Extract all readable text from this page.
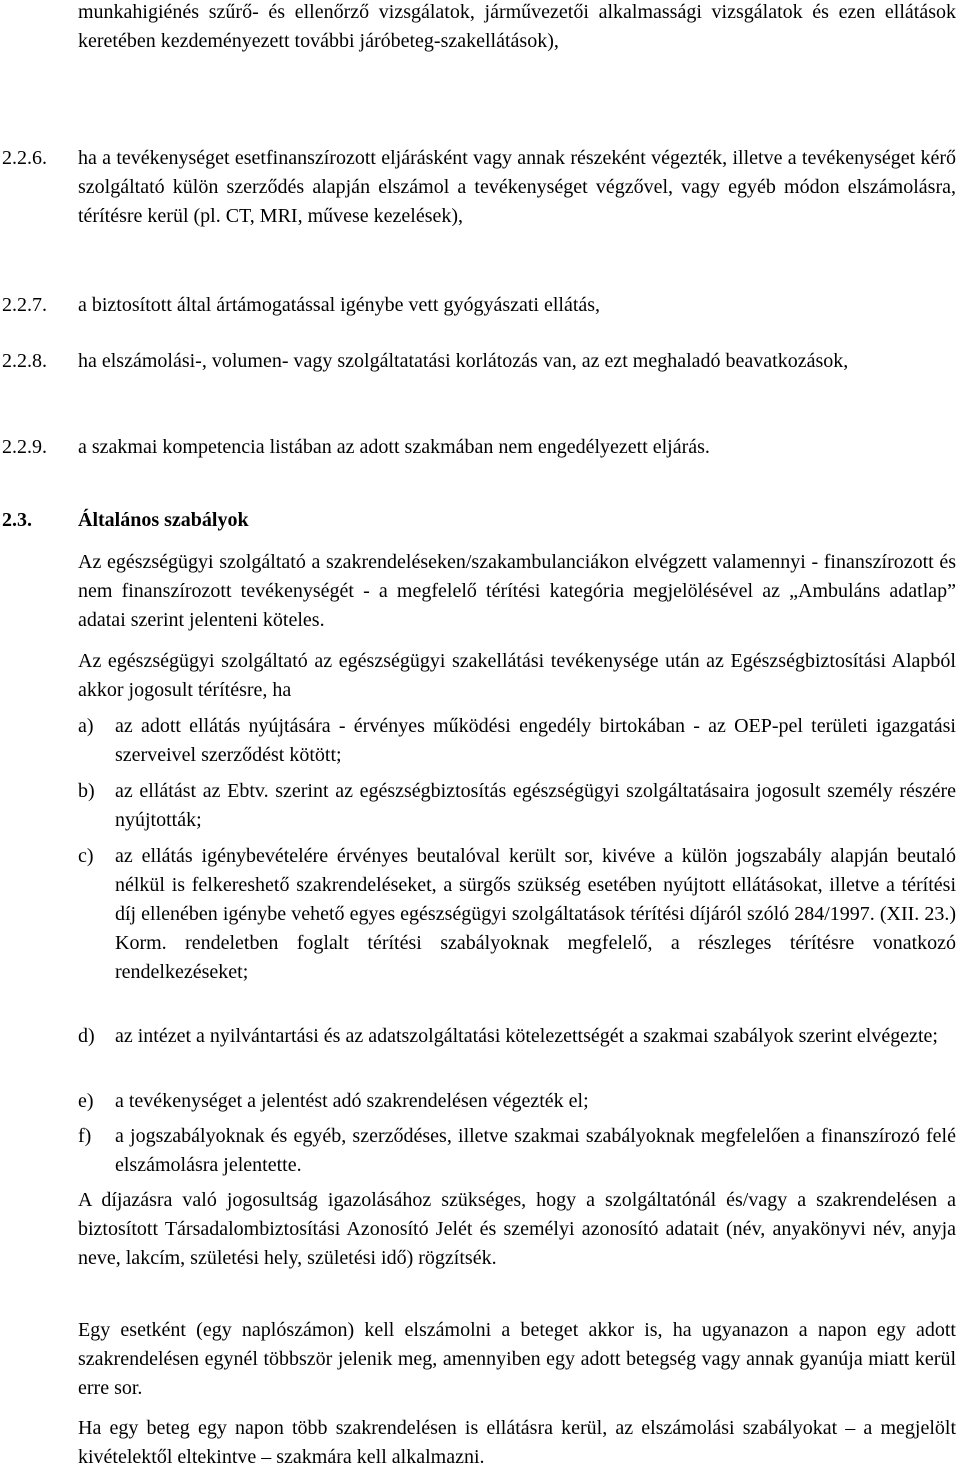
munkahigiénés szűrő- és ellenőrző vizsgálatok, járművezetői alkalmassági vizsgálatok és ezen ellátások keretében kezdeményezett további járóbeteg-szakellátások),
2.2.6.	ha a tevékenységet esetfinanszírozott eljárásként vagy annak részeként végezték, illetve a tevékenységet kérő szolgáltató külön szerződés alapján elszámol a tevékenységet végzővel, vagy egyéb módon elszámolásra, térítésre kerül (pl. CT, MRI, művese kezelések),
2.2.7.	a biztosított által ártámogatással igénybe vett gyógyászati ellátás,
2.2.8.	ha elszámolási-, volumen- vagy szolgáltatatási korlátozás van, az ezt meghaladó beavatkozások,
2.2.9.	a szakmai kompetencia listában az adott szakmában nem engedélyezett eljárás.
2.3.	Általános szabályok
Az egészségügyi szolgáltató a szakrendeléseken/szakambulanciákon elvégzett valamennyi - finanszírozott és nem finanszírozott tevékenységét - a megfelelő térítési kategória megjelölésével az „Ambuláns adatlap” adatai szerint jelenteni köteles.
Az egészségügyi szolgáltató az egészségügyi szakellátási tevékenysége után az Egészségbiztosítási Alapból akkor jogosult térítésre, ha
a)	az adott ellátás nyújtására - érvényes működési engedély birtokában - az OEP-pel területi igazgatási szerveivel szerződést kötött;
b)	az ellátást az Ebtv. szerint az egészségbiztosítás egészségügyi szolgáltatásaira jogosult személy részére nyújtották;
c)	az ellátás igénybevételére érvényes beutalóval került sor, kivéve a külön jogszabály alapján beutaló nélkül is felkereshető szakrendeléseket, a sürgős szükség esetében nyújtott ellátásokat, illetve a térítési díj ellenében igénybe vehető egyes egészségügyi szolgáltatások térítési díjáról szóló 284/1997. (XII. 23.) Korm. rendeletben foglalt térítési szabályoknak megfelelő, a részleges térítésre vonatkozó rendelkezéseket;
d)	az intézet a nyilvántartási és az adatszolgáltatási kötelezettségét a szakmai szabályok szerint elvégezte;
e)	a tevékenységet a jelentést adó szakrendelésen végezték el;
f)	a jogszabályoknak és egyéb, szerződéses, illetve szakmai szabályoknak megfelelően a finanszírozó felé elszámolásra jelentette.
A díjazásra való jogosultság igazolásához szükséges, hogy a szolgáltatónál és/vagy a szakrendelésen a biztosított Társadalombiztosítási Azonosító Jelét és személyi azonosító adatait (név, anyakönyvi név, anyja neve, lakcím, születési hely, születési idő) rögzítsék.
Egy esetként (egy naplószámon) kell elszámolni a beteget akkor is, ha ugyanazon a napon egy adott szakrendelésen egynél többször jelenik meg, amennyiben egy adott betegség vagy annak gyanúja miatt kerül erre sor.
Ha egy beteg egy napon több szakrendelésen is ellátásra kerül, az elszámolási szabályokat – a megjelölt kivételektől eltekintve – szakmára kell alkalmazni.
